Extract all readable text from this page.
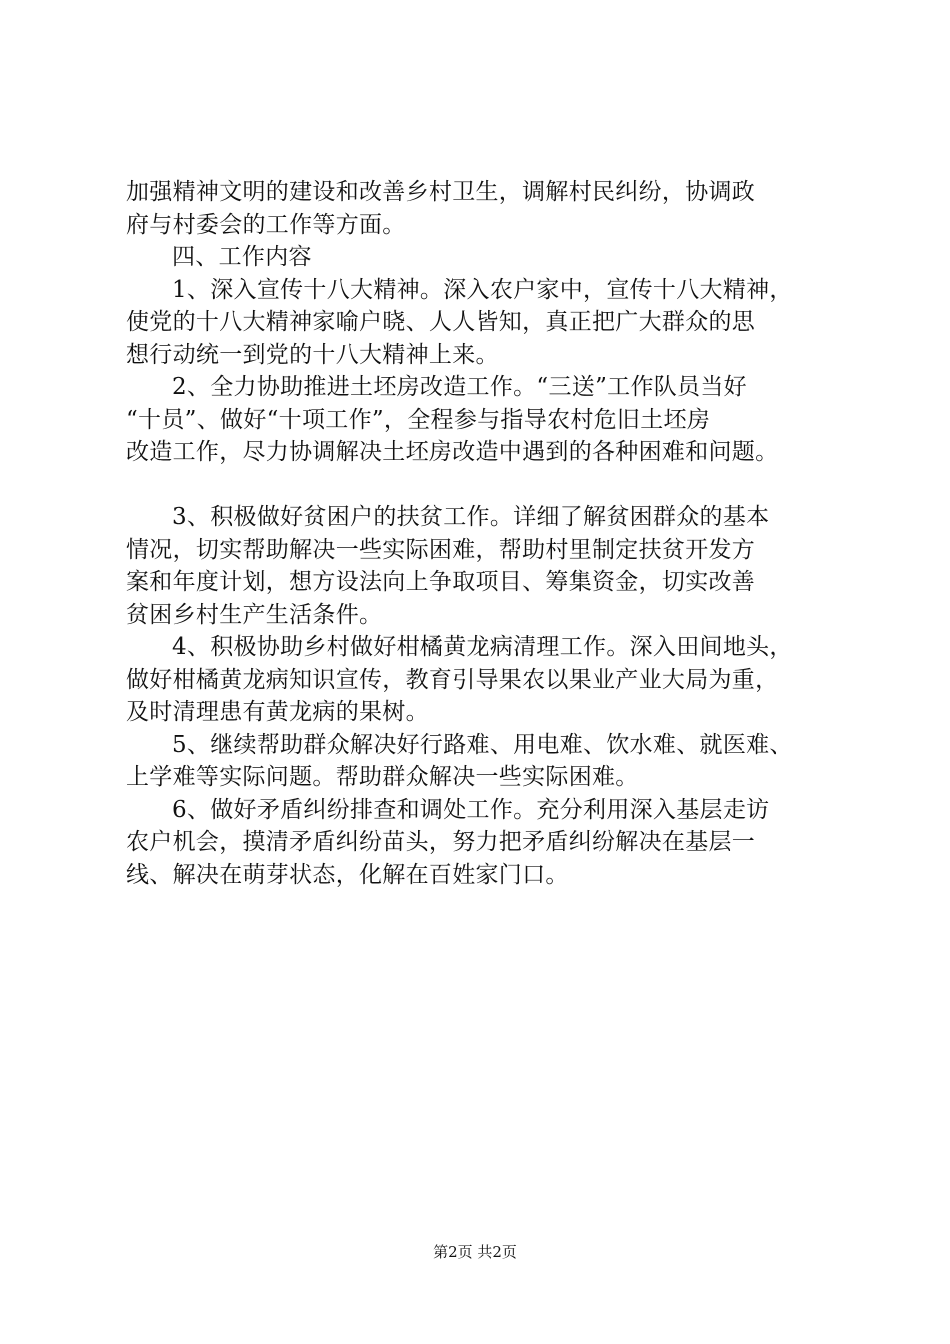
加强精神文明的建设和改善乡村卫生，调解村民纠纷，协调政
府与村委会的工作等方面。
四、工作内容
1、深入宣传十八大精神。深入农户家中，宣传十八大精神，
使党的十八大精神家喻户晓、人人皆知，真正把广大群众的思
想行动统一到党的十八大精神上来。
2、全力协助推进土坯房改造工作。“三送”工作队员当好
“十员”、做好“十项工作”，全程参与指导农村危旧土坯房
改造工作，尽力协调解决土坯房改造中遇到的各种困难和问题。
3、积极做好贫困户的扶贫工作。详细了解贫困群众的基本
情况，切实帮助解决一些实际困难，帮助村里制定扶贫开发方
案和年度计划，想方设法向上争取项目、筹集资金，切实改善
贫困乡村生产生活条件。
4、积极协助乡村做好柑橘黄龙病清理工作。深入田间地头，
做好柑橘黄龙病知识宣传，教育引导果农以果业产业大局为重，
及时清理患有黄龙病的果树。
5、继续帮助群众解决好行路难、用电难、饮水难、就医难、
上学难等实际问题。帮助群众解决一些实际困难。
6、做好矛盾纠纷排查和调处工作。充分利用深入基层走访
农户机会，摸清矛盾纠纷苗头，努力把矛盾纠纷解决在基层一
线、解决在萌芽状态，化解在百姓家门口。
第2页 共2页
